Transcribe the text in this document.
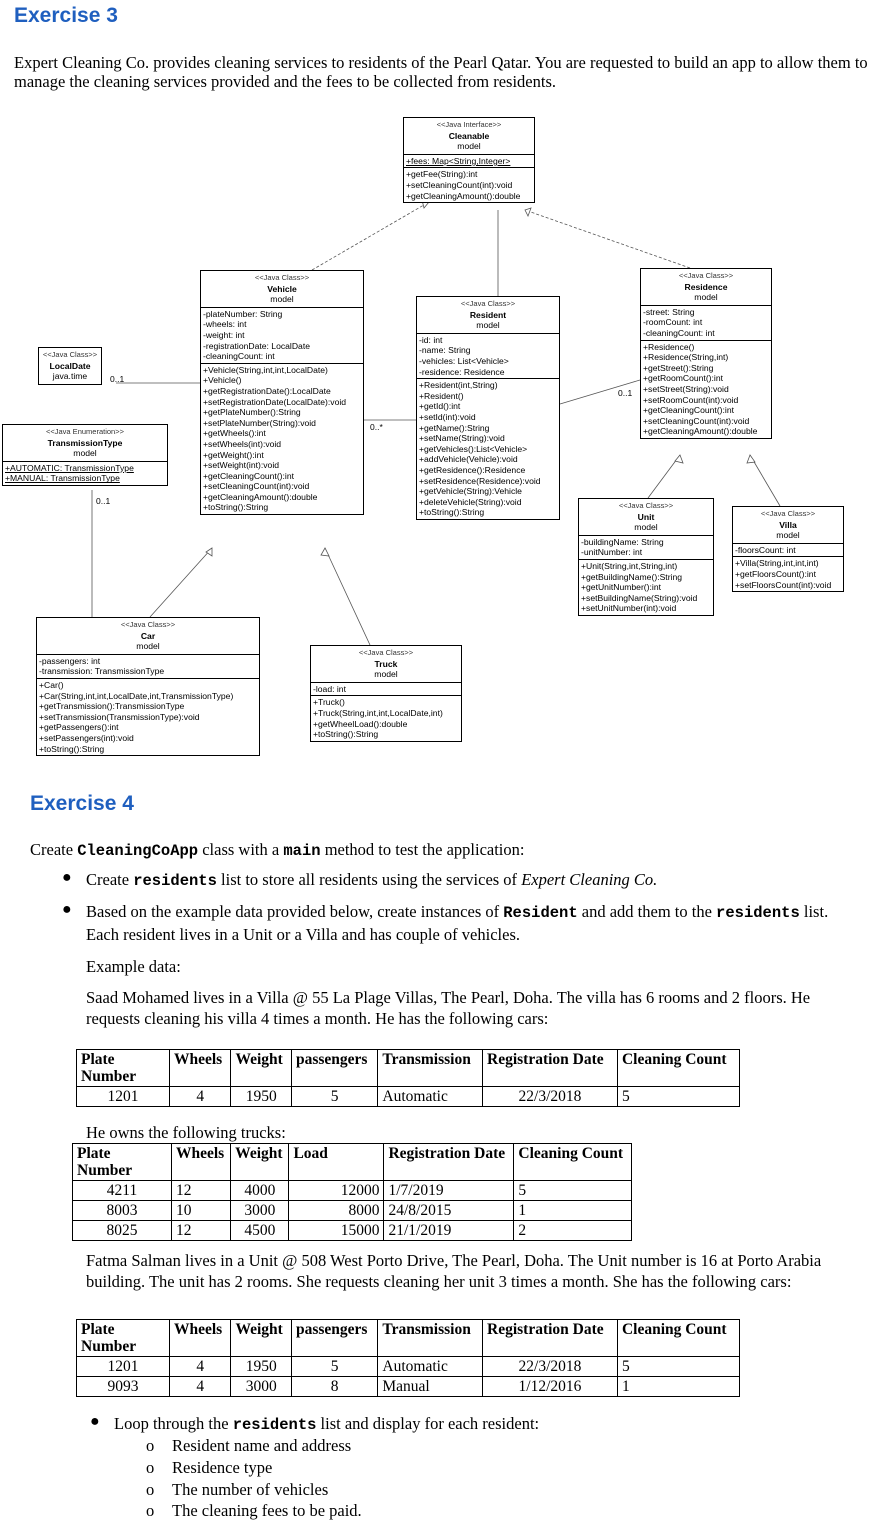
Exercise 3
Expert Cleaning Co. provides cleaning services to residents of the Pearl Qatar. You are requested to build an app to allow them to manage the cleaning services provided and the fees to be collected from residents.
<<Java Interface>>
Cleanable
model
+fees: Map<String,Integer>
+getFee(String):int
+setCleaningCount(int):void
+getCleaningAmount():double
<<Java Class>>
Vehicle
model
-plateNumber: String
-wheels: int
-weight: int
-registrationDate: LocalDate
-cleaningCount: int
+Vehicle(String,int,int,LocalDate)
+Vehicle()
+getRegistrationDate():LocalDate
+setRegistrationDate(LocalDate):void
+getPlateNumber():String
+setPlateNumber(String):void
+getWheels():int
+setWheels(int):void
+getWeight():int
+setWeight(int):void
+getCleaningCount():int
+setCleaningCount(int):void
+getCleaningAmount():double
+toString():String
<<Java Class>>
Resident
model
-id: int
-name: String
-vehicles: List<Vehicle>
-residence: Residence
+Resident(int,String)
+Resident()
+getId():int
+setId(int):void
+getName():String
+setName(String):void
+getVehicles():List<Vehicle>
+addVehicle(Vehicle):void
+getResidence():Residence
+setResidence(Residence):void
+getVehicle(String):Vehicle
+deleteVehicle(String):void
+toString():String
<<Java Class>>
Residence
model
-street: String
-roomCount: int
-cleaningCount: int
+Residence()
+Residence(String,int)
+getStreet():String
+getRoomCount():int
+setStreet(String):void
+setRoomCount(int):void
+getCleaningCount():int
+setCleaningCount(int):void
+getCleaningAmount():double
<<Java Class>>
LocalDate
java.time	0..1
<<Java Enumeration>>
TransmissionType
model
+AUTOMATIC: TransmissionType
+MANUAL: TransmissionType
0..1
0..*
0..1
<<Java Class>>
Car
model
-passengers: int
-transmission: TransmissionType
+Car()
+Car(String,int,int,LocalDate,int,TransmissionType)
+getTransmission():TransmissionType
+setTransmission(TransmissionType):void
+getPassengers():int
+setPassengers(int):void
+toString():String
<<Java Class>>
Truck
model
-load: int
+Truck()
+Truck(String,int,int,LocalDate,int)
+getWheelLoad():double
+toString():String
<<Java Class>>
Unit
model
-buildingName: String
-unitNumber: int
+Unit(String,int,String,int)
+getBuildingName():String
+getUnitNumber():int
+setBuildingName(String):void
+setUnitNumber(int):void
<<Java Class>>
Villa
model
-floorsCount: int
+Villa(String,int,int,int)
+getFloorsCount():int
+setFloorsCount(int):void
Exercise 4
Create CleaningCoApp class with a main method to test the application:
● Create residents list to store all residents using the services of Expert Cleaning Co.
● Based on the example data provided below, create instances of Resident and add them to the residents list. Each resident lives in a Unit or a Villa and has couple of vehicles.
Example data:
Saad Mohamed lives in a Villa @ 55 La Plage Villas, The Pearl, Doha. The villa has 6 rooms and 2 floors. He requests cleaning his villa 4 times a month. He has the following cars:
Plate Number	Wheels	Weight	passengers	Transmission	Registration Date	Cleaning Count
1201	4	1950	5	Automatic	22/3/2018	5
He owns the following trucks:
Plate Number	Wheels	Weight	Load	Registration Date	Cleaning Count
4211	12	4000	12000	1/7/2019	5
8003	10	3000	8000	24/8/2015	1
8025	12	4500	15000	21/1/2019	2
Fatma Salman lives in a Unit @ 508 West Porto Drive, The Pearl, Doha. The Unit number is 16 at Porto Arabia building. The unit has 2 rooms. She requests cleaning her unit 3 times a month. She has the following cars:
Plate Number	Wheels	Weight	passengers	Transmission	Registration Date	Cleaning Count
1201	4	1950	5	Automatic	22/3/2018	5
9093	4	3000	8	Manual	1/12/2016	1
● Loop through the residents list and display for each resident:
o Resident name and address
o Residence type
o The number of vehicles
o The cleaning fees to be paid.
